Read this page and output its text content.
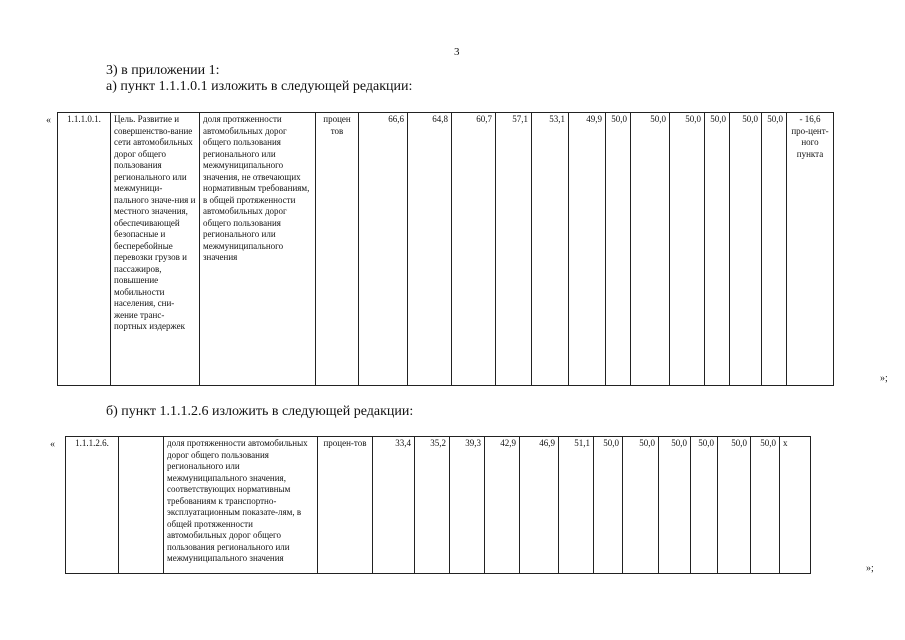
3
3) в приложении 1:
а) пункт 1.1.1.0.1 изложить в следующей редакции:
« 1.1.1.0.1.	Цель. Развитие и совершенство-вание сети автомобильных дорог общего пользования регионального или межмуници-пального значе-ния и местного значения, обеспечивающей безопасные и бесперебойные перевозки грузов и пассажиров, повышение мобильности населения, сни-жение транс-портных издержек	доля протяженности автомобильных дорог общего пользования регионального или межмуниципального значения, не отвечающих нормативным требованиям, в общей протяженности автомобильных дорог общего пользования регионального или межмуниципального значения	процен тов	66,6	64,8	60,7	57,1	53,1	49,9	50,0	50,0	50,0	50,0	50,0	50,0	- 16,6 про-цент-ного пункта
»;
б) пункт 1.1.1.2.6 изложить в следующей редакции:
« 1.1.1.2.6.		доля протяженности автомобильных дорог общего пользования регионального или межмуниципального значения, соответствующих нормативным требованиям к транспортно-эксплуатационным показате-лям, в общей протяженности автомобильных дорог общего пользования регионального или межмуниципального значения	процен-тов	33,4	35,2	39,3	42,9	46,9	51,1	50,0	50,0	50,0	50,0	50,0	50,0	х
»;
